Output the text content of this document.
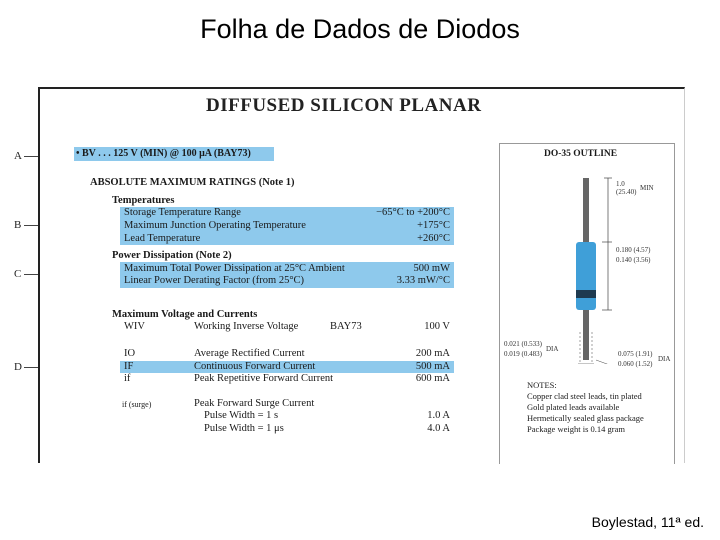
Folha de Dados de Diodos
A
B
C
D
DIFFUSED SILICON PLANAR
• BV . . . 125 V (MIN) @ 100 μA (BAY73)
ABSOLUTE MAXIMUM RATINGS (Note 1)
Temperatures
Storage Temperature Range	−65°C to +200°C
Maximum Junction Operating Temperature	+175°C
Lead Temperature	+260°C
Power Dissipation (Note 2)
Maximum Total Power Dissipation at 25°C Ambient	500 mW
Linear Power Derating Factor (from 25°C)	3.33 mW/°C
Maximum Voltage and Currents
WIV	Working Inverse Voltage	BAY73	100 V
IO	Average Rectified Current	200 mA
IF	Continuous Forward Current	500 mA
if	Peak Repetitive Forward Current	600 mA
if (surge)	Peak Forward Surge Current
Pulse Width = 1 s	1.0 A
Pulse Width = 1 μs	4.0 A
DO-35 OUTLINE
1.0
(25.40) MIN
0.180 (4.57)
0.140 (3.56)
0.021 (0.533)
0.019 (0.483)
DIA
0.075 (1.91)
0.060 (1.52)
DIA
NOTES:
Copper clad steel leads, tin plated
Gold plated leads available
Hermetically sealed glass package
Package weight is 0.14 gram
Boylestad, 11ª ed.
